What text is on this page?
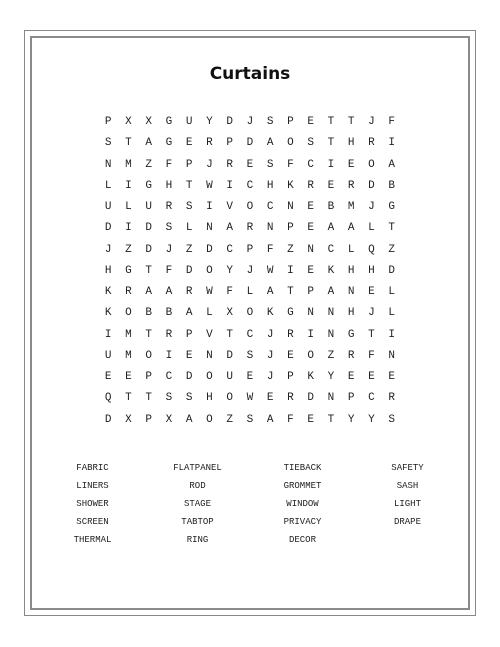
Curtains
P	X	X	G	U	Y	D	J	S	P	E	T	T	J	F
S	T	A	G	E	R	P	D	A	O	S	T	H	R	I
N	M	Z	F	P	J	R	E	S	F	C	I	E	O	A
L	I	G	H	T	W	I	C	H	K	R	E	R	D	B
U	L	U	R	S	I	V	O	C	N	E	B	M	J	G
D	I	D	S	L	N	A	R	N	P	E	A	A	L	T
J	Z	D	J	Z	D	C	P	F	Z	N	C	L	Q	Z
H	G	T	F	D	O	Y	J	W	I	E	K	H	H	D
K	R	A	A	R	W	F	L	A	T	P	A	N	E	L
K	O	B	B	A	L	X	O	K	G	N	N	H	J	L
I	M	T	R	P	V	T	C	J	R	I	N	G	T	I
U	M	O	I	E	N	D	S	J	E	O	Z	R	F	N
E	E	P	C	D	O	U	E	J	P	K	Y	E	E	E
Q	T	T	S	S	H	O	W	E	R	D	N	P	C	R
D	X	P	X	A	O	Z	S	A	F	E	T	Y	Y	S
FABRIC	FLATPANEL	TIEBACK	SAFETY
LINERS	ROD	GROMMET	SASH
SHOWER	STAGE	WINDOW	LIGHT
SCREEN	TABTOP	PRIVACY	DRAPE
THERMAL	RING	DECOR
